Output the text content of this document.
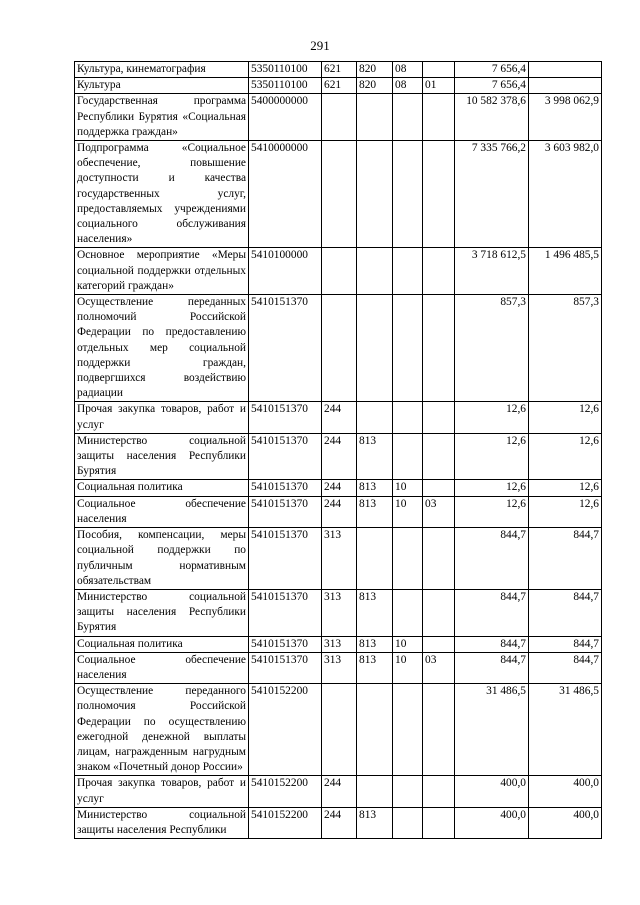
291
Культура, кинематография	5350110100	621	820	08		7 656,4	
Культура	5350110100	621	820	08	01	7 656,4	
Государственная программа Республики Бурятия «Социальная поддержка граждан»	5400000000					10 582 378,6	3 998 062,9
Подпрограмма «Социальное обеспечение, повышение доступности и качества государственных услуг, предоставляемых учреждениями социального обслуживания населения»	5410000000					7 335 766,2	3 603 982,0
Основное мероприятие «Меры социальной поддержки отдельных категорий граждан»	5410100000					3 718 612,5	1 496 485,5
Осуществление переданных полномочий Российской Федерации по предоставлению отдельных мер социальной поддержки граждан, подвергшихся воздействию радиации	5410151370					857,3	857,3
Прочая закупка товаров, работ и услуг	5410151370	244				12,6	12,6
Министерство социальной защиты населения Республики Бурятия	5410151370	244	813			12,6	12,6
Социальная политика	5410151370	244	813	10		12,6	12,6
Социальное обеспечение населения	5410151370	244	813	10	03	12,6	12,6
Пособия, компенсации, меры социальной поддержки по публичным нормативным обязательствам	5410151370	313				844,7	844,7
Министерство социальной защиты населения Республики Бурятия	5410151370	313	813			844,7	844,7
Социальная политика	5410151370	313	813	10		844,7	844,7
Социальное обеспечение населения	5410151370	313	813	10	03	844,7	844,7
Осуществление переданного полномочия Российской Федерации по осуществлению ежегодной денежной выплаты лицам, награжденным нагрудным знаком «Почетный донор России»	5410152200					31 486,5	31 486,5
Прочая закупка товаров, работ и услуг	5410152200	244				400,0	400,0
Министерство социальной защиты населения Республики	5410152200	244	813			400,0	400,0
